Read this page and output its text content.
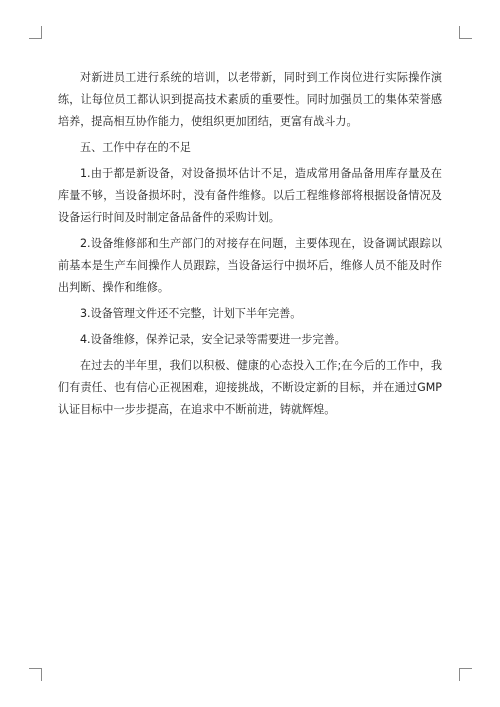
对新进员工进行系统的培训，以老带新，同时到工作岗位进行实际操作演练，让每位员工都认识到提高技术素质的重要性。同时加强员工的集体荣誉感培养，提高相互协作能力，使组织更加团结，更富有战斗力。

五、工作中存在的不足

1.由于都是新设备，对设备损坏估计不足，造成常用备品备用库存量及在库量不够，当设备损坏时，没有备件维修。以后工程维修部将根据设备情况及设备运行时间及时制定备品备件的采购计划。

2.设备维修部和生产部门的对接存在问题，主要体现在，设备调试跟踪以前基本是生产车间操作人员跟踪，当设备运行中损坏后，维修人员不能及时作出判断、操作和维修。

3.设备管理文件还不完整，计划下半年完善。

4.设备维修，保养记录，安全记录等需要进一步完善。

在过去的半年里，我们以积极、健康的心态投入工作;在今后的工作中，我们有责任、也有信心正视困难，迎接挑战，不断设定新的目标，并在通过GMP认证目标中一步步提高，在追求中不断前进，铸就辉煌。
